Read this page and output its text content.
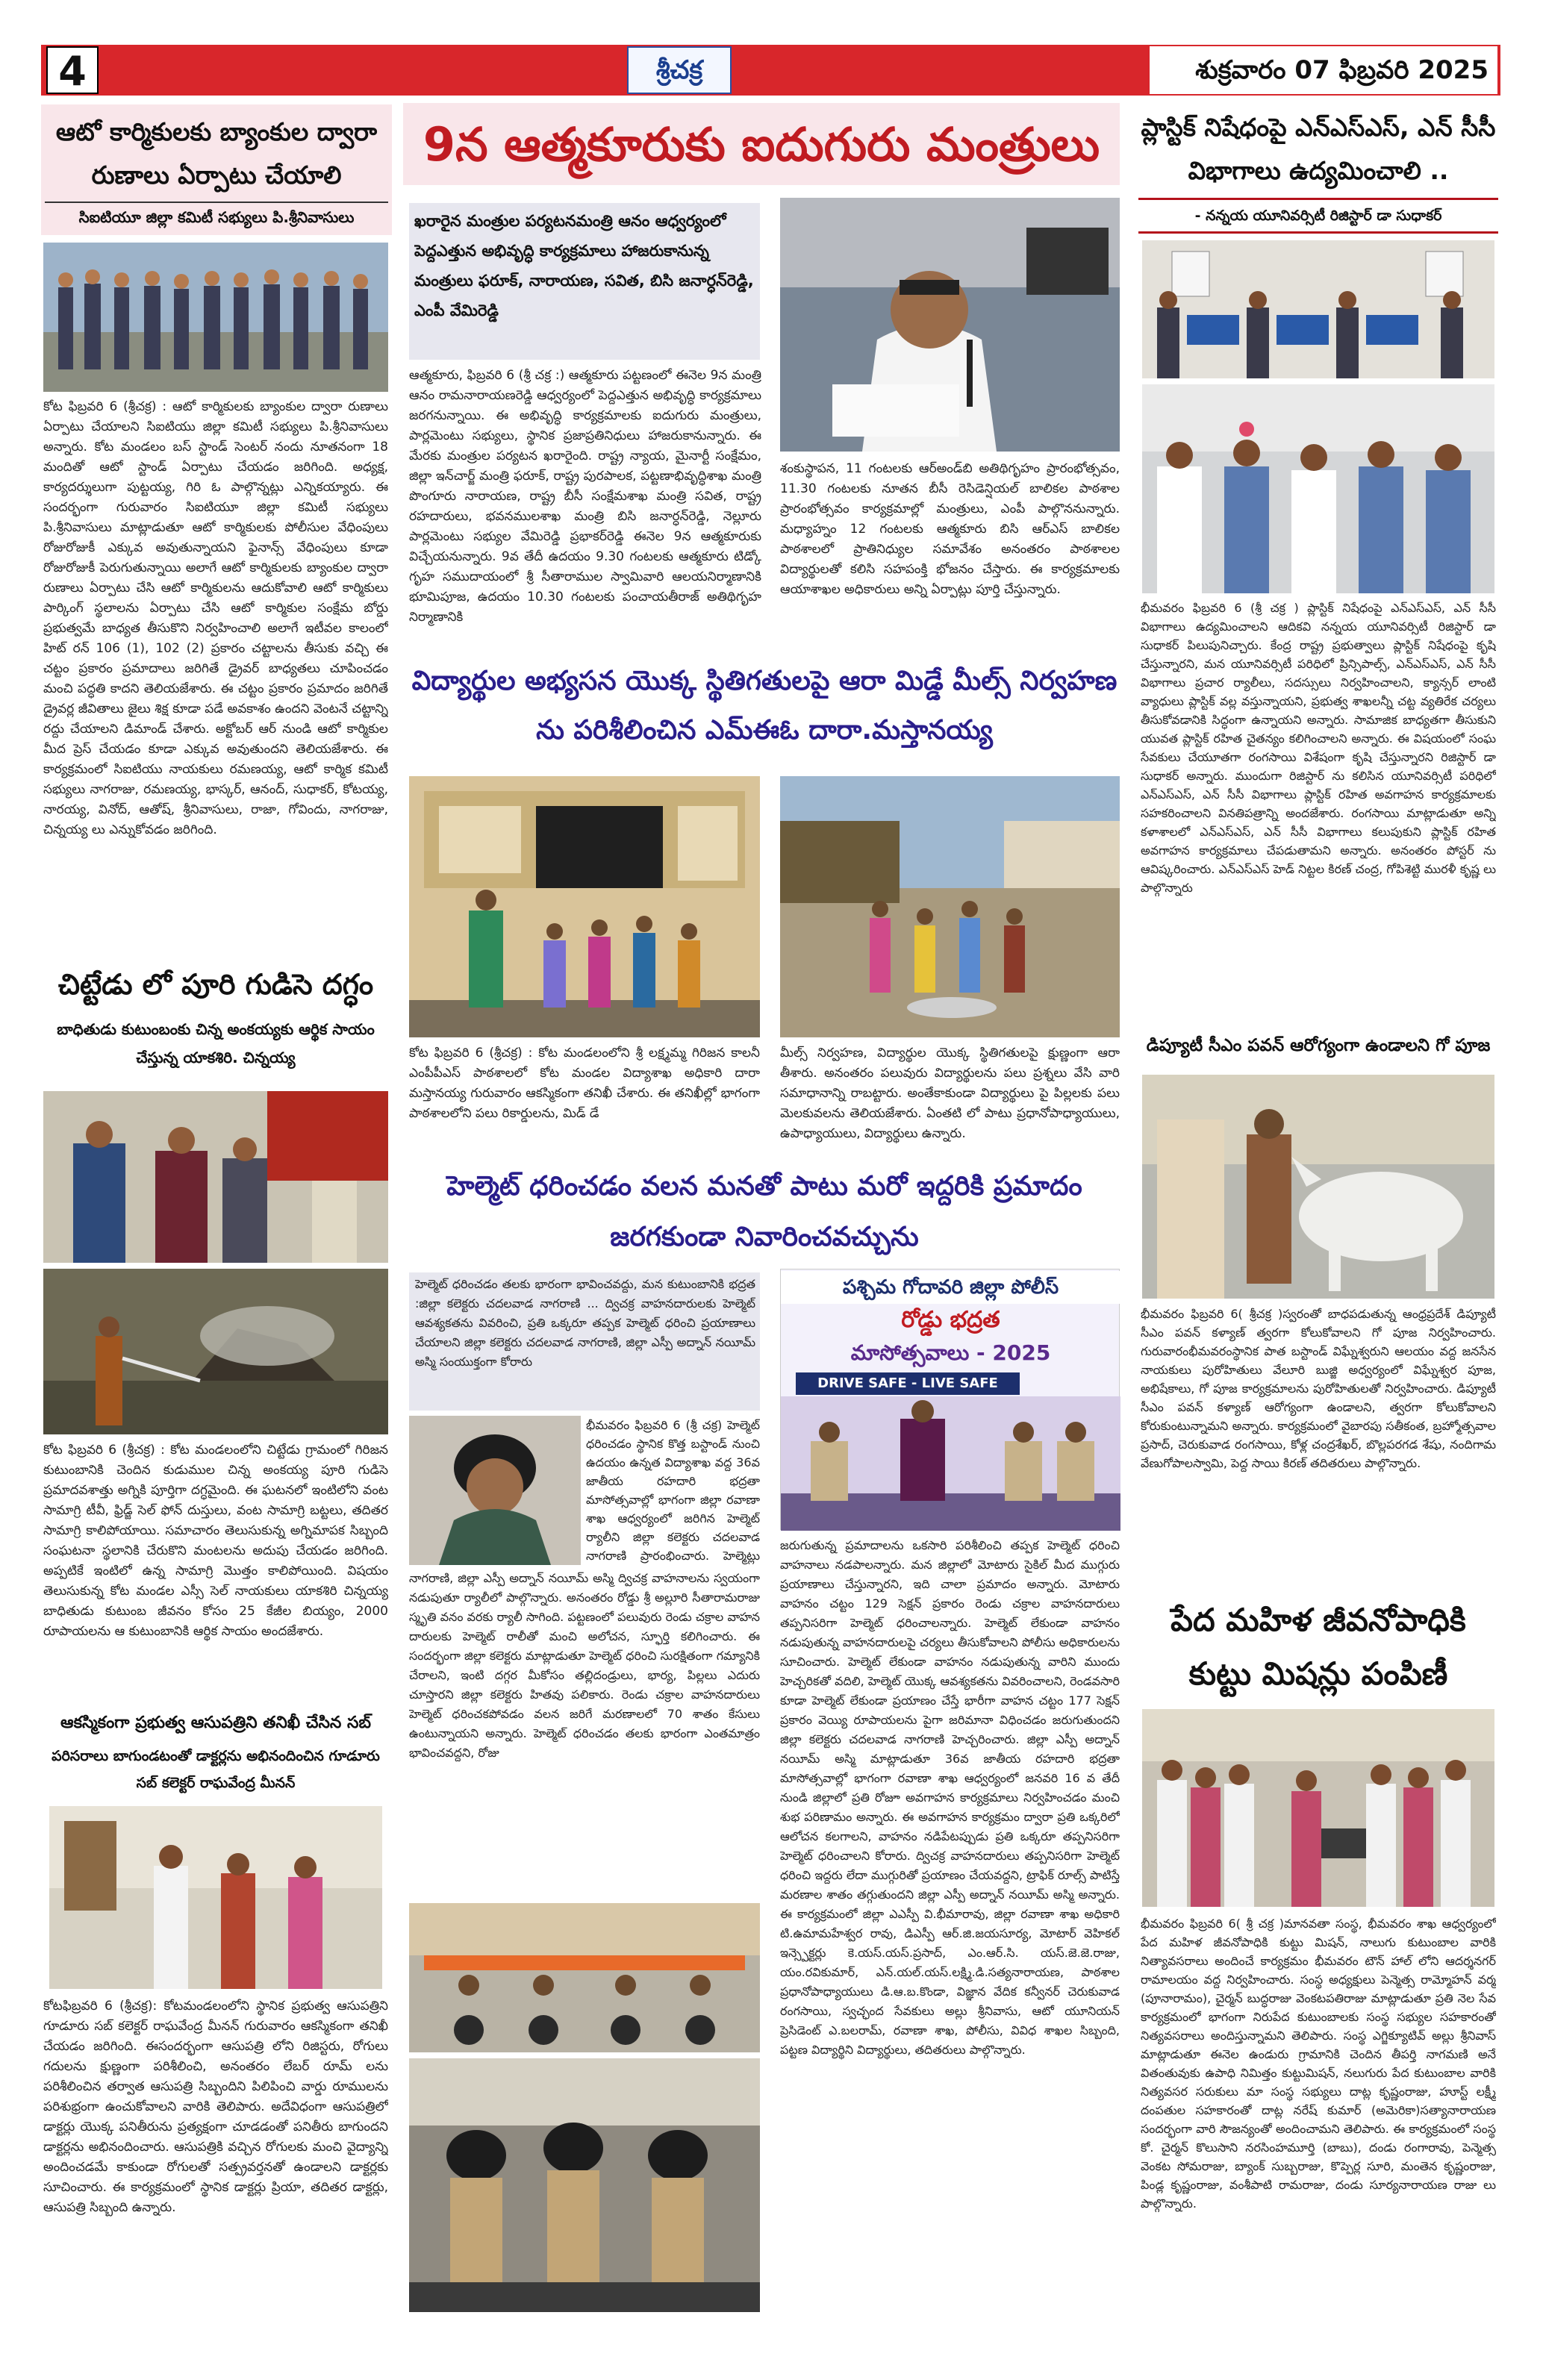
4	శ్రీచక్ర	శుక్రవారం 07 ఫిబ్రవరి 2025
ఆటో కార్మికులకు బ్యాంకుల ద్వారా రుణాలు ఏర్పాటు చేయాలి
సిఐటియూ జిల్లా కమిటీ సభ్యులు పి.శ్రీనివాసులు
కోట ఫిబ్రవరి 6 (శ్రీచక్ర) : ఆటో కార్మికులకు బ్యాంకుల ద్వారా రుణాలు ఏర్పాటు చేయాలని సిఐటియు జిల్లా కమిటీ సభ్యులు పి.శ్రీనివాసులు అన్నారు. కోట మండలం బస్ స్టాండ్ సెంటర్ నందు నూతనంగా 18 మందితో ఆటో స్టాండ్ ఏర్పాటు చేయడం జరిగింది. అధ్యక్ష, కార్యదర్శులుగా పుట్టయ్య, గిరి ఓ పాల్గొన్నట్లు ఎన్నికయ్యారు. ఈ సందర్భంగా గురువారం సిఐటియూ జిల్లా కమిటీ సభ్యులు పి.శ్రీనివాసులు మాట్లాడుతూ ఆటో కార్మికులకు పోలీసుల వేధింపులు రోజురోజుకీ ఎక్కువ అవుతున్నాయని ఫైనాన్స్ వేధింపులు కూడా రోజురోజుకీ పెరుగుతున్నాయి అలాగే ఆటో కార్మికులకు బ్యాంకుల ద్వారా రుణాలు ఏర్పాటు చేసి ఆటో కార్మికులను ఆదుకోవాలి ఆటో కార్మికులు పార్కింగ్ స్థలాలను ఏర్పాటు చేసి ఆటో కార్మికుల సంక్షేమ బోర్డు ప్రభుత్వమే బాధ్యత తీసుకొని నిర్వహించాలి అలాగే ఇటీవల కాలంలో హిట్ రన్ 106 (1), 102 (2) ప్రకారం చట్టాలను తీసుకు వచ్చి ఈ చట్టం ప్రకారం ప్రమాదాలు జరిగితే డ్రైవర్ బాధ్యతలు చూపించడం మంచి పద్ధతి కాదని తెలియజేశారు. ఈ చట్టం ప్రకారం ప్రమాదం జరిగితే డ్రైవర్ల జీవితాలు జైలు శిక్ష కూడా పడే అవకాశం ఉందని వెంటనే చట్టాన్ని రద్దు చేయాలని డిమాండ్ చేశారు. అక్టోబర్ ఆర్ నుండి ఆటో కార్మికుల మీద ప్రెస్ చేయడం కూడా ఎక్కువ అవుతుందని తెలియజేశారు. ఈ కార్యక్రమంలో సిఐటియు నాయకులు రమణయ్య, ఆటో కార్మిక కమిటీ సభ్యులు నాగరాజు, రమణయ్య, భాస్కర్, ఆనంద్, సుధాకర్, కోటయ్య, నారయ్య, వినోద్, ఆతోష్, శ్రీనివాసులు, రాజా, గోవిందు, నాగరాజు, చిన్నయ్య లు ఎన్నుకోవడం జరిగింది.
చిట్టేడు లో పూరి గుడిసె దగ్ధం
బాధితుడు కుటుంబంకు చిన్న అంకయ్యకు ఆర్థిక సాయం చేస్తున్న యాకశిరి. చిన్నయ్య
కోట ఫిబ్రవరి 6 (శ్రీచక్ర) : కోట మండలంలోని చిట్టేడు గ్రామంలో గిరిజన కుటుంబానికి చెందిన కుడుముల చిన్న అంకయ్య పూరి గుడిసె ప్రమాదవశాత్తు అగ్నికి పూర్తిగా దగ్ధమైంది. ఈ ఘటనలో ఇంటిలోని వంట సామాగ్రి టీవీ, ఫ్రిడ్జ్ సెల్ ఫోన్ దుస్తులు, వంట సామాగ్రి బట్టలు, తదితర సామాగ్రి కాలిపోయాయి. సమాచారం తెలుసుకున్న అగ్నిమాపక సిబ్బంది సంఘటనా స్థలానికి చేరుకొని మంటలను అదుపు చేయడం జరిగింది. అప్పటికే ఇంటిలో ఉన్న సామాగ్రి మొత్తం కాలిపోయింది. విషయం తెలుసుకున్న కోట మండల ఎస్సీ సెల్ నాయకులు యాకశిరి చిన్నయ్య బాధితుడు కుటుంబ జీవనం కోసం 25 కేజీల బియ్యం, 2000 రూపాయలను ఆ కుటుంబానికి ఆర్థిక సాయం అందజేశారు.
ఆకస్మికంగా ప్రభుత్వ ఆసుపత్రిని తనిఖీ చేసిన సబ్
పరిసరాలు బాగుండటంతో డాక్టర్లను అభినందించిన గూడూరు సబ్ కలెక్టర్ రాఘవేంద్ర మీనన్
కోటఫిబ్రవరి 6 (శ్రీచక్ర): కోటమండలంలోని స్థానిక ప్రభుత్వ ఆసుపత్రిని గూడూరు సబ్ కలెక్టర్ రాఘవేంద్ర మీనన్ గురువారం ఆకస్మికంగా తనిఖీ చేయడం జరిగింది. ఈసందర్భంగా ఆసుపత్రి లోని రిజిస్టరు, రోగులు గదులను క్షుణ్ణంగా పరిశీలించి, అనంతరం లేబర్ రూమ్ లను పరిశీలించిన తర్వాత ఆసుపత్రి సిబ్బందిని పిలిపించి వార్డు రూములను పరిశుభ్రంగా ఉంచుకోవాలని వారికి తెలిపారు. అదేవిధంగా ఆసుపత్రిలో డాక్టర్లు యొక్క పనితీరును ప్రత్యక్షంగా చూడడంతో పనితీరు బాగుందని డాక్టర్లను అభినందించారు. ఆసుపత్రికి వచ్చిన రోగులకు మంచి వైద్యాన్ని అందించడమే కాకుండా రోగులతో సత్ప్రవర్తనతో ఉండాలని డాక్టర్లకు సూచించారు. ఈ కార్యక్రమంలో స్థానిక డాక్టర్లు ప్రియా, తదితర డాక్టర్లు, ఆసుపత్రి సిబ్బంది ఉన్నారు.
9న ఆత్మకూరుకు ఐదుగురు మంత్రులు
ఖరారైన మంత్రుల పర్యటనమంత్రి ఆనం ఆధ్వర్యంలో పెద్దఎత్తున అభివృద్ధి కార్యక్రమాలు హాజరుకానున్న మంత్రులు ఫరూక్, నారాయణ, సవిత, బిసి జనార్ధన్‌రెడ్డి, ఎంపీ వేమిరెడ్డి
ఆత్మకూరు, ఫిబ్రవరి 6 (శ్రీ చక్ర :) ఆత్మకూరు పట్టణంలో ఈనెల 9న మంత్రి ఆనం రామనారాయణరెడ్డి ఆధ్వర్యంలో పెద్దఎత్తున అభివృద్ధి కార్యక్రమాలు జరగనున్నాయి. ఈ అభివృద్ధి కార్యక్రమాలకు ఐదుగురు మంత్రులు, పార్లమెంటు సభ్యులు, స్థానిక ప్రజాప్రతినిధులు హాజరుకానున్నారు. ఈ మేరకు మంత్రుల పర్యటన ఖరారైంది. రాష్ట్ర న్యాయ, మైనార్టీ సంక్షేమం, జిల్లా ఇన్‌చార్జ్ మంత్రి ఫరూక్, రాష్ట్ర పురపాలక, పట్టణాభివృద్ధిశాఖ మంత్రి పొంగూరు నారాయణ, రాష్ట్ర బీసీ సంక్షేమశాఖ మంత్రి సవిత, రాష్ట్ర రహదారులు, భవనములశాఖ మంత్రి బిసి జనార్ధన్‌రెడ్డి, నెల్లూరు పార్లమెంటు సభ్యుల వేమిరెడ్డి ప్రభాకర్‌రెడ్డి ఈనెల 9న ఆత్మకూరుకు విచ్చేయనున్నారు. 9వ తేదీ ఉదయం 9.30 గంటలకు ఆత్మకూరు టిడ్కో గృహ సముదాయంలో శ్రీ సీతారాముల స్వామివారి ఆలయనిర్మాణానికి భూమిపూజ, ఉదయం 10.30 గంటలకు పంచాయతీరాజ్ అతిథిగృహ నిర్మాణానికి
శంకుస్థాపన, 11 గంటలకు ఆర్‌అండ్‌బి అతిథిగృహం ప్రారంభోత్సవం, 11.30 గంటలకు నూతన బీసీ రెసిడెన్షియల్ బాలికల పాఠశాల ప్రారంభోత్సవం కార్యక్రమాల్లో మంత్రులు, ఎంపీ పాల్గొననున్నారు. మధ్యాహ్నం 12 గంటలకు ఆత్మకూరు బిసి ఆర్‌ఎస్ బాలికల పాఠశాలలో ప్రాతినిధ్యుల సమావేశం అనంతరం పాఠశాలల విద్యార్థులతో కలిసి సహపంక్తి భోజనం చేస్తారు. ఈ కార్యక్రమాలకు ఆయాశాఖల అధికారులు అన్ని ఏర్పాట్లు పూర్తి చేస్తున్నారు.
విద్యార్థుల అభ్యసన యొక్క స్థితిగతులపై ఆరా మిడ్డే మీల్స్ నిర్వహణ ను పరిశీలించిన ఎమ్ఈఓ దారా.మస్తానయ్య
కోట ఫిబ్రవరి 6 (శ్రీచక్ర) : కోట మండలంలోని శ్రీ లక్ష్మమ్మ గిరిజన కాలనీ ఎంపీపీఎస్ పాఠశాలలో కోట మండల విద్యాశాఖ అధికారి దారా మస్తానయ్య గురువారం ఆకస్మికంగా తనిఖీ చేశారు. ఈ తనిఖీల్లో భాగంగా పాఠశాలలోని పలు రికార్డులను, మిడ్ డే
మీల్స్ నిర్వహణ, విద్యార్థుల యొక్క స్థితిగతులపై క్షుణ్ణంగా ఆరా తీశారు. అనంతరం పలువురు విద్యార్థులను పలు ప్రశ్నలు వేసి వారి సమాధానాన్ని రాబట్టారు. అంతేకాకుండా విద్యార్థులు పై పిల్లలకు పలు మెలకువలను తెలియజేశారు. ఏంతటి లో పాటు ప్రధానోపాధ్యాయులు, ఉపాధ్యాయులు, విద్యార్థులు ఉన్నారు.
హెల్మెట్ ధరించడం వలన మనతో పాటు మరో ఇద్దరికి ప్రమాదం జరగకుండా నివారించవచ్చును
హెల్మెట్ ధరించడం తలకు భారంగా భావించవద్దు, మన కుటుంబానికి భద్రత :జిల్లా కలెక్టరు చదలవాడ నాగరాణి ... ద్విచక్ర వాహనదారులకు హెల్మెట్ ఆవశ్యకతను వివరించి, ప్రతి ఒక్కరూ తప్పక హెల్మెట్ ధరించి ప్రయాణాలు చేయాలని జిల్లా కలెక్టరు చదలవాడ నాగరాణి, జిల్లా ఎస్పీ అద్నాన్ నయీమ్ అస్మి సంయుక్తంగా కోరారు
భీమవరం ఫిబ్రవరి 6 (శ్రీ చక్ర) హెల్మెట్ ధరించడం స్థానిక కొత్త బస్టాండ్ నుంచి ఉదయం ఉన్నత విద్యాశాఖ వద్ద 36వ జాతీయ రహదారి భద్రతా మాసోత్సవాల్లో భాగంగా జిల్లా రవాణా శాఖ ఆధ్వర్యంలో జరిగిన హెల్మెట్ ర్యాలీని జిల్లా కలెక్టరు చదలవాడ నాగరాణి ప్రారంభించారు. హెల్మెట్లు
నాగరాణి, జిల్లా ఎస్పీ అద్నాన్ నయీమ్ అస్మి ద్విచక్ర వాహనాలను స్వయంగా నడుపుతూ ర్యాలీలో పాల్గొన్నారు. అనంతరం రోడ్డు శ్రీ అల్లూరి సీతారామరాజు స్మృతి వనం వరకు ర్యాలీ సాగింది. పట్టణంలో పలువురు రెండు చక్రాల వాహన దారులకు హెల్మెట్ రాలీతో మంచి అలోచన, స్ఫూర్తి కలిగించారు. ఈ సందర్భంగా జిల్లా కలెక్టరు మాట్లాడుతూ హెల్మెట్ ధరించి సురక్షితంగా గమ్యానికి చేరాలని, ఇంటి దగ్గర మీకోసం తల్లిదండ్రులు, భార్య, పిల్లలు ఎదురు చూస్తారని జిల్లా కలెక్టరు హితవు పలికారు. రెండు చక్రాల వాహనదారులు హెల్మెట్ ధరించకపోవడం వలన జరిగే మరణాలలో 70 శాతం కేసులు ఉంటున్నాయని అన్నారు. హెల్మెట్ ధరించడం తలకు భారంగా ఎంతమాత్రం భావించవద్దని, రోజు
పశ్చిమ గోదావరి జిల్లా పోలీస్
రోడ్డు భద్రత
మాసోత్సవాలు - 2025
DRIVE SAFE - LIVE SAFE
జరుగుతున్న ప్రమాదాలను ఒకసారి పరిశీలించి తప్పక హెల్మెట్ ధరించి వాహనాలు నడపాలన్నారు. మన జిల్లాలో మోటారు సైకిల్ మీద ముగ్గురు ప్రయాణాలు చేస్తున్నారని, ఇది చాలా ప్రమాదం అన్నారు. మోటారు వాహనం చట్టం 129 సెక్షన్ ప్రకారం రెండు చక్రాల వాహనదారులు తప్పనిసరిగా హెల్మెట్ ధరించాలన్నారు. హెల్మెట్ లేకుండా వాహనం నడుపుతున్న వాహనదారులపై చర్యలు తీసుకోవాలని పోలీసు అధికారులను సూచించారు. హెల్మెట్ లేకుండా వాహనం నడుపుతున్న వారిని ముందు హెచ్చరికతో వదిలి, హెల్మెట్ యొక్క ఆవశ్యకతను వివరించాలని, రెండవసారి కూడా హెల్మెట్ లేకుండా ప్రయాణం చేస్తే భారీగా వాహన చట్టం 177 సెక్షన్ ప్రకారం వెయ్యి రూపాయలను పైగా జరిమానా విధించడం జరుగుతుందని జిల్లా కలెక్టరు చదలవాడ నాగరాణి హెచ్చరించారు. జిల్లా ఎస్పీ అద్నాన్ నయీమ్ అస్మి మాట్లాడుతూ 36వ జాతీయ రహదారి భద్రతా మాసోత్సవాల్లో భాగంగా రవాణా శాఖ ఆధ్వర్యంలో జనవరి 16 వ తేదీ నుండి జిల్లాలో ప్రతి రోజూ అవగాహన కార్యక్రమాలు నిర్వహించడం మంచి శుభ పరిణామం అన్నారు. ఈ అవగాహన కార్యక్రమం ద్వారా ప్రతి ఒక్కరిలో ఆలోచన కలగాలని, వాహనం నడిపేటప్పుడు ప్రతి ఒక్కరూ తప్పనిసరిగా హెల్మెట్ ధరించాలని కోరారు. ద్విచక్ర వాహనదారులు తప్పనిసరిగా హెల్మెట్ ధరించి ఇద్దరు లేదా ముగ్గురితో ప్రయాణం చేయవద్దని, ట్రాఫిక్ రూల్స్ పాటిస్తే మరణాల శాతం తగ్గుతుందని జిల్లా ఎస్పీ అద్నాన్ నయీమ్ అస్మి అన్నారు. ఈ కార్యక్రమంలో జిల్లా ఎఎస్పీ వి.భీమారావు, జిల్లా రవాణా శాఖ అధికారి టి.ఉమామహేశ్వర రావు, డిఎస్పీ ఆర్.జి.జయసూర్య, మోటార్ వెహికల్ ఇన్స్పెక్టర్లు కె.యస్.యస్.ప్రసాద్, ఎం.ఆర్.సి. యస్.జె.జె.రాజు, యం.రవికుమార్, ఎన్.యల్.యస్.లక్ష్మి.డి.సత్యనారాయణ, పాఠశాల ప్రధానోపాధ్యాయులు డి.ఆ.బ.కొండా, విజ్ఞాన వేదిక కన్వీనర్ చెరుకువాడ రంగసాయి, స్వచ్ఛంద సేవకులు అల్లు శ్రీనివాసు, ఆటో యూనియన్ ప్రెసిడెంట్ ఎ.బలరామ్, రవాణా శాఖ, పోలీసు, వివిధ శాఖల సిబ్బంది, పట్టణ విద్యార్థిని విద్యార్థులు, తదితరులు పాల్గొన్నారు.
ప్లాస్టిక్ నిషేధంపై ఎన్ఎస్ఎస్, ఎన్ సీసీ విభాగాలు ఉద్యమించాలి ..
- నన్నయ యూనివర్సిటీ రిజిస్టార్ డా సుధాకర్
భీమవరం ఫిబ్రవరి 6 (శ్రీ చక్ర ) ప్లాస్టిక్ నిషేధంపై ఎన్ఎస్ఎస్, ఎన్ సీసీ విభాగాలు ఉద్యమించాలని ఆదికవి నన్నయ యూనివర్సిటీ రిజిస్టార్ డా సుధాకర్ పిలుపునిచ్చారు. కేంద్ర రాష్ట్ర ప్రభుత్వాలు ప్లాస్టిక్ నిషేధంపై కృషి చేస్తున్నారని, మన యూనివర్సిటీ పరిధిలో ప్రిన్సిపాల్స్, ఎన్ఎస్ఎస్, ఎన్ సీసీ విభాగాలు ప్రచార ర్యాలీలు, సదస్సులు నిర్వహించాలని, క్యాన్సర్ లాంటి వ్యాధులు ప్లాస్టిక్ వల్ల వస్తున్నాయని, ప్రభుత్వ శాఖలన్నీ చట్ట వ్యతిరేక చర్యలు తీసుకోవడానికి సిద్ధంగా ఉన్నాయని అన్నారు. సామాజిక బాధ్యతగా తీసుకుని యువత ప్లాస్టిక్ రహిత చైతన్యం కలిగించాలని అన్నారు. ఈ విషయంలో సంఘ సేవకులు చేయూతగా రంగసాయి విశేషంగా కృషి చేస్తున్నారని రిజిస్టార్ డా సుధాకర్ అన్నారు. ముందుగా రిజిస్టార్ ను కలిసిన యూనివర్సిటీ పరిధిలో ఎన్ఎస్ఎస్, ఎన్ సీసీ విభాగాలు ప్లాస్టిక్ రహిత అవగాహన కార్యక్రమాలకు సహకరించాలని వినతిపత్రాన్ని అందజేశారు. రంగసాయి మాట్లాడుతూ అన్ని కళాశాలలో ఎన్ఎస్ఎస్, ఎన్ సీసీ విభాగాలు కలుపుకుని ప్లాస్టిక్ రహిత అవగాహన కార్యక్రమాలు చేపడుతామని అన్నారు. అనంతరం పోస్టర్ ను ఆవిష్కరించారు. ఎన్ఎస్ఎస్ హెడ్ నిట్టల కిరణ్ చంద్ర, గోపిశెట్టి మురళీ కృష్ణ లు పాల్గొన్నారు
డిప్యూటీ సీఎం పవన్ ఆరోగ్యంగా ఉండాలని గో పూజ
భీమవరం ఫిబ్రవరి 6( శ్రీచక్ర )స్వరంతో బాధపడుతున్న ఆంధ్రప్రదేశ్ డిప్యూటీ సీఎం పవన్ కళ్యాణ్ త్వరగా కోలుకోవాలని గో పూజ నిర్వహించారు. గురువారంభీమవరంస్థానిక పాత బస్టాండ్ విఘ్నేశ్వరుని ఆలయం వద్ద జనసేన నాయకులు పురోహితులు వేలూరి బుజ్జి అధ్వర్యంలో విఘ్నేశ్వర పూజ, అభిషేకాలు, గో పూజ కార్యక్రమాలను పురోహితులతో నిర్వహించారు. డిప్యూటీ సీఎం పవన్ కళ్యాణ్ ఆరోగ్యంగా ఉండాలని, త్వరగా కోలుకోవాలని కోరుకుంటున్నామని అన్నారు. కార్యక్రమంలో వైబారపు సతీకంత, బ్రహ్మోత్సవాల ప్రసాద్, చెరుకువాడ రంగసాయి, కోళ్ల చంద్రశేఖర్, బొల్లపరగడ శేషు, నందిగామ వేణుగోపాలస్వామి, పెద్ద సాయి కిరణ్ తదితరులు పాల్గొన్నారు.
పేద మహిళ జీవనోపాధికి కుట్టు మిషన్లు పంపిణీ
భీమవరం ఫిబ్రవరి 6( శ్రీ చక్ర )మానవతా సంస్థ, భీమవరం శాఖ ఆధ్వర్యంలో పేద మహిళ జీవనోపాధికి కుట్టు మిషన్, నాలుగు కుటుంబాల వారికి నిత్యావసరాలు అందించే కార్యక్రమం భీమవరం టౌన్ హాల్ లోని ఆదర్శనగర్ రామాలయం వద్ద నిర్వహించారు. సంస్థ అధ్యక్షులు పెన్మెత్స రామ్మోహన్ వర్మ (పూనారామం), చైర్మన్ బుద్ధరాజు వెంకటపతిరాజు మాట్లాడుతూ ప్రతి నెల సేవ కార్యక్రమంలో భాగంగా నిరుపేద కుటుంబాలకు సంస్థ సభ్యుల సహకారంతో నిత్యవసరాలు అందిస్తున్నామని తెలిపారు. సంస్థ ఎగ్జిక్యూటివ్ అల్లు శ్రీనివాస్ మాట్లాడుతూ ఈనెల ఉండురు గ్రామానికి చెందిన తీపర్తి నాగమణి అనే వితంతువుకు ఉపాధి నిమిత్తం కుట్టుమిషన్, నలుగురు పేద కుటుంబాల వారికి నిత్యవసర సరుకులు మా సంస్థ సభ్యులు దాట్ల కృష్ణంరాజు, హూస్ట్ లక్ష్మీ దంపతుల సహకారంతో దాట్ల నరేష్ కుమార్ (అమెరికా)సత్యానారాయణ సందర్భంగా వారి సౌజన్యంతో అందించామని తెలిపారు. ఈ కార్యక్రమంలో సంస్థ కో. చైర్మన్ కొలుసాని నరసింహమూర్తి (బాబు), దండు రంగారావు, పెన్మెత్స వెంకట సోమరాజు, బ్యాంక్ సుబ్బరాజు, కొప్పెర్ల సూరి, మంతెన కృష్ణంరాజు, పిండ్ల కృష్ణంరాజు, వంశీపాటి రామరాజు, దండు సూర్యనారాయణ రాజు లు పాల్గొన్నారు.
